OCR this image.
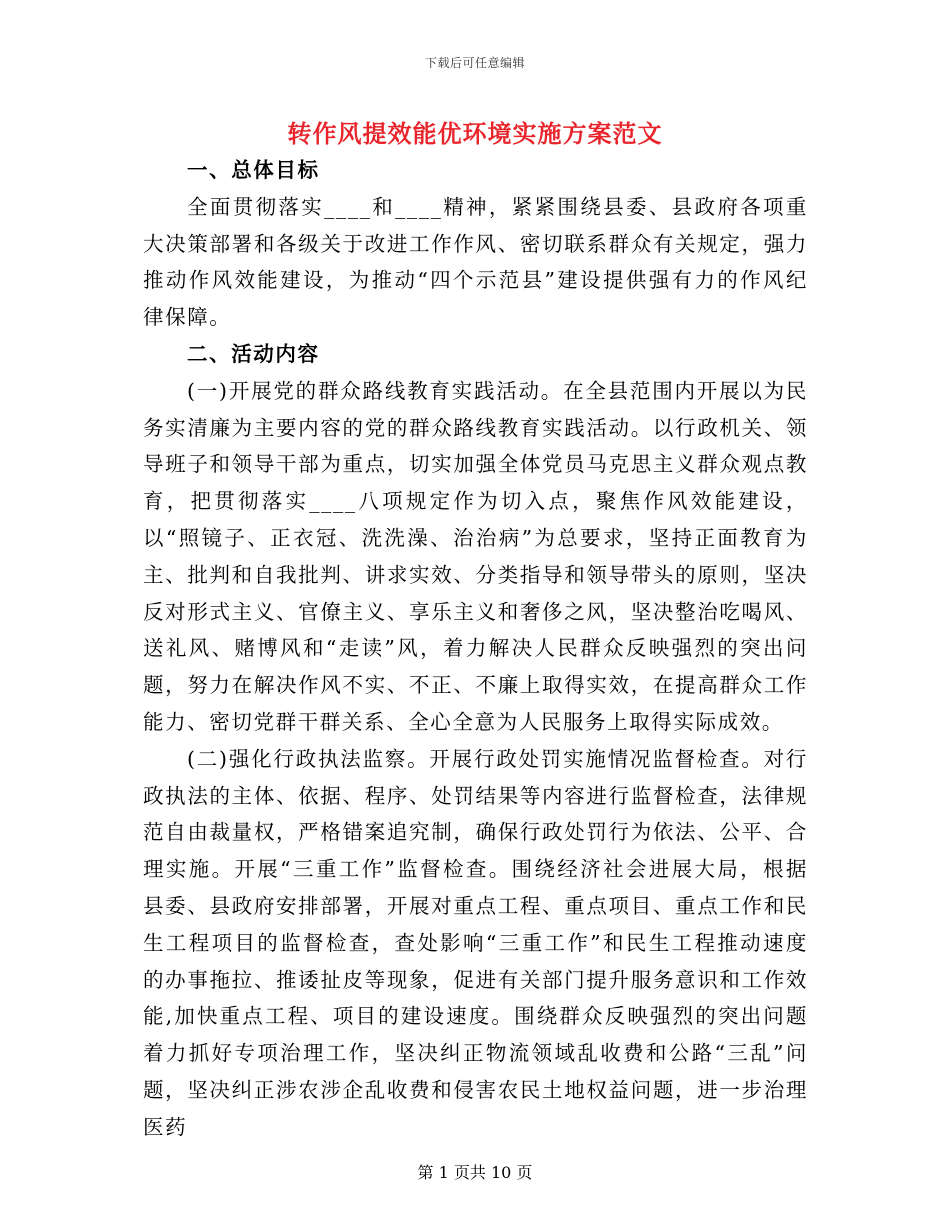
下载后可任意编辑
转作风提效能优环境实施方案范文
一、总体目标

全面贯彻落实____和____精神，紧紧围绕县委、县政府各项重大决策部署和各级关于改进工作作风、密切联系群众有关规定，强力推动作风效能建设，为推动“四个示范县”建设提供强有力的作风纪律保障。

二、活动内容

(一)开展党的群众路线教育实践活动。在全县范围内开展以为民务实清廉为主要内容的党的群众路线教育实践活动。以行政机关、领导班子和领导干部为重点，切实加强全体党员马克思主义群众观点教育，把贯彻落实____八项规定作为切入点，聚焦作风效能建设，以“照镜子、正衣冠、洗洗澡、治治病”为总要求，坚持正面教育为主、批判和自我批判、讲求实效、分类指导和领导带头的原则，坚决反对形式主义、官僚主义、享乐主义和奢侈之风，坚决整治吃喝风、送礼风、赌博风和“走读”风，着力解决人民群众反映强烈的突出问题，努力在解决作风不实、不正、不廉上取得实效，在提高群众工作能力、密切党群干群关系、全心全意为人民服务上取得实际成效。

(二)强化行政执法监察。开展行政处罚实施情况监督检查。对行政执法的主体、依据、程序、处罚结果等内容进行监督检查，法律规范自由裁量权，严格错案追究制，确保行政处罚行为依法、公平、合理实施。开展“三重工作”监督检查。围绕经济社会进展大局，根据县委、县政府安排部署，开展对重点工程、重点项目、重点工作和民生工程项目的监督检查，查处影响“三重工作”和民生工程推动速度的办事拖拉、推诿扯皮等现象，促进有关部门提升服务意识和工作效能,加快重点工程、项目的建设速度。围绕群众反映强烈的突出问题着力抓好专项治理工作，坚决纠正物流领域乱收费和公路“三乱”问题，坚决纠正涉农涉企乱收费和侵害农民土地权益问题，进一步治理医药

第 1 页共 10 页
